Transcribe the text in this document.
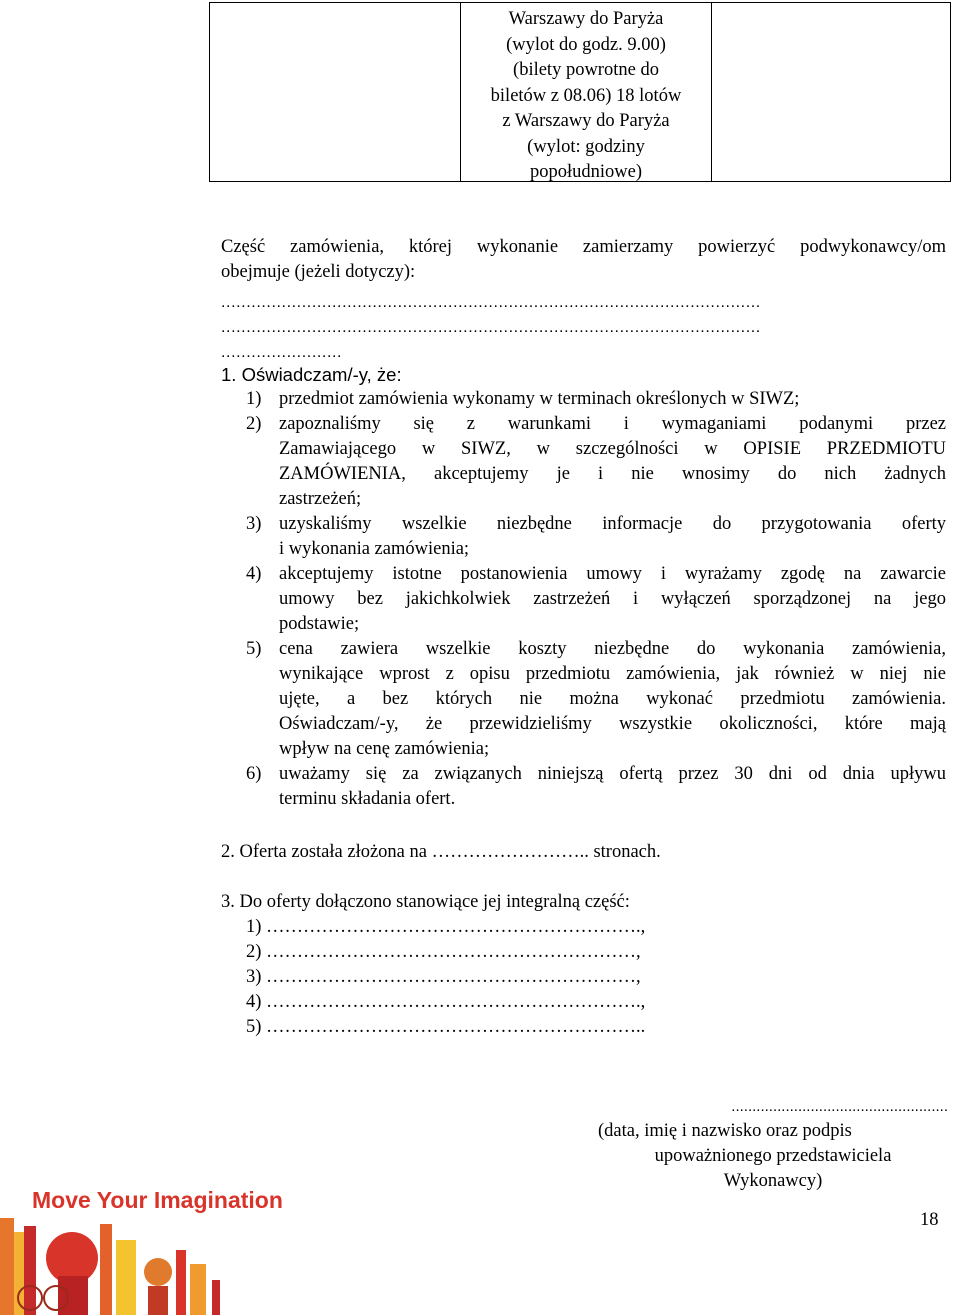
Warszawy do Paryża
(wylot do godz. 9.00)
(bilety powrotne do
biletów z 08.06) 18 lotów
z Warszawy do Paryża
(wylot: godziny
popołudniowe)
Część zamówienia, której wykonanie zamierzamy powierzyć podwykonawcy/om
obejmuje (jeżeli dotyczy):
...........................................................................................................
...........................................................................................................
........................
1. Oświadczam/-y, że:
1) przedmiot zamówienia wykonamy w terminach określonych w SIWZ;
2) zapoznaliśmy się z warunkami i wymaganiami podanymi przez
Zamawiającego w SIWZ, w szczególności w OPISIE PRZEDMIOTU
ZAMÓWIENIA, akceptujemy je i nie wnosimy do nich żadnych
zastrzeżeń;
3) uzyskaliśmy wszelkie niezbędne informacje do przygotowania oferty
i wykonania zamówienia;
4) akceptujemy istotne postanowienia umowy i wyrażamy zgodę na zawarcie
umowy bez jakichkolwiek zastrzeżeń i wyłączeń sporządzonej na jego
podstawie;
5) cena zawiera wszelkie koszty niezbędne do wykonania zamówienia,
wynikające wprost z opisu przedmiotu zamówienia, jak również w niej nie
ujęte, a bez których nie można wykonać przedmiotu zamówienia.
Oświadczam/-y, że przewidzieliśmy wszystkie okoliczności, które mają
wpływ na cenę zamówienia;
6) uważamy się za związanych niniejszą ofertą przez 30 dni od dnia upływu
terminu składania ofert.
2. Oferta została złożona na …………………….. stronach.
3. Do oferty dołączono stanowiące jej integralną część:
1) …………………………………………………….,
2) ……………………………………………………,
3) ……………………………………………………,
4) …………………………………………………….,
5) ……………………………………………………..
....................................................
(data, imię i nazwisko oraz podpis
upoważnionego przedstawiciela
Wykonawcy)
18
Move Your Imagination
